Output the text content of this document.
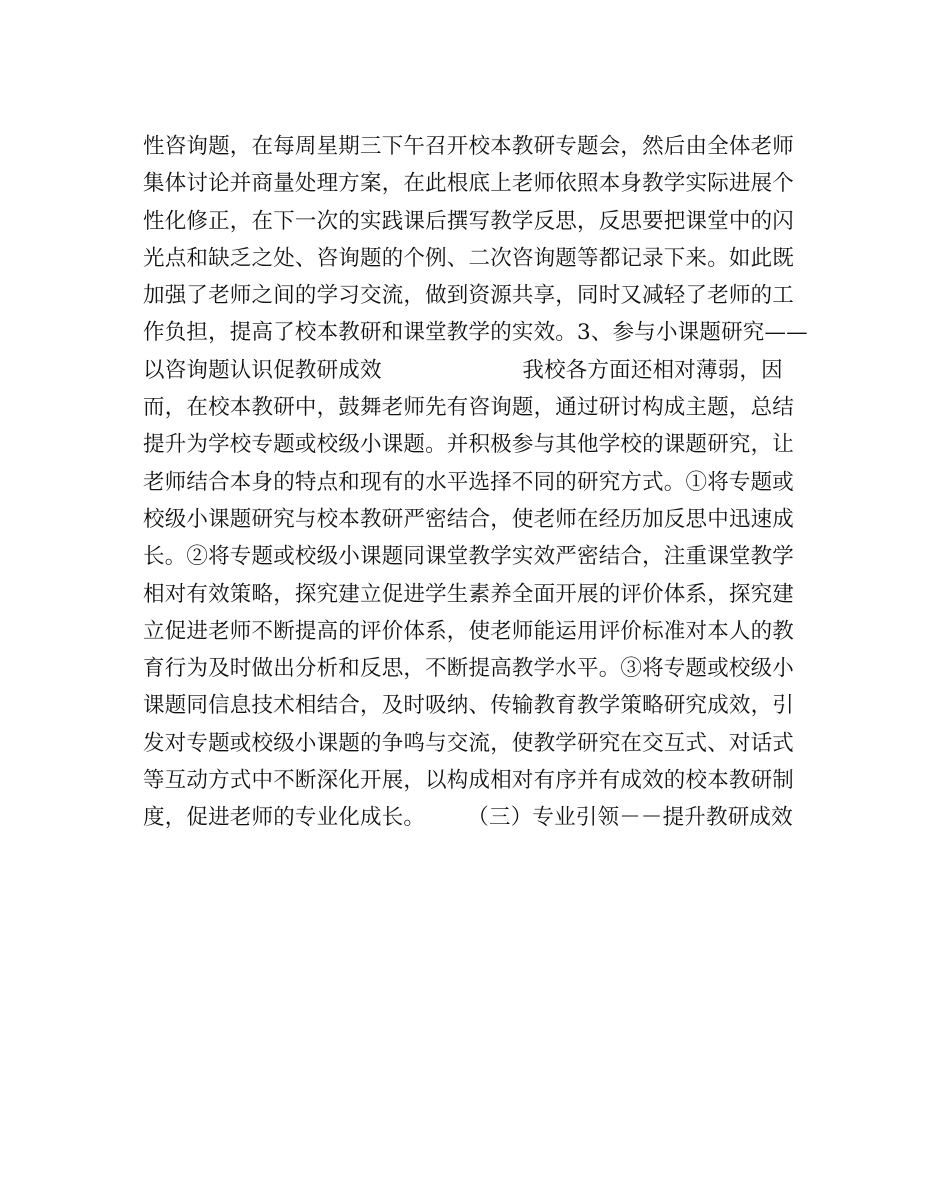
性咨询题，在每周星期三下午召开校本教研专题会，然后由全体老师
集体讨论并商量处理方案，在此根底上老师依照本身教学实际进展个
性化修正，在下一次的实践课后撰写教学反思，反思要把课堂中的闪
光点和缺乏之处、咨询题的个例、二次咨询题等都记录下来。如此既
加强了老师之间的学习交流，做到资源共享，同时又减轻了老师的工
作负担，提高了校本教研和课堂教学的实效。3、参与小课题研究——
以咨询题认识促教研成效                    我校各方面还相对薄弱，因
而，在校本教研中，鼓舞老师先有咨询题，通过研讨构成主题，总结
提升为学校专题或校级小课题。并积极参与其他学校的课题研究，让
老师结合本身的特点和现有的水平选择不同的研究方式。①将专题或
校级小课题研究与校本教研严密结合，使老师在经历加反思中迅速成
长。②将专题或校级小课题同课堂教学实效严密结合，注重课堂教学
相对有效策略，探究建立促进学生素养全面开展的评价体系，探究建
立促进老师不断提高的评价体系，使老师能运用评价标准对本人的教
育行为及时做出分析和反思，不断提高教学水平。③将专题或校级小
课题同信息技术相结合，及时吸纳、传输教育教学策略研究成效，引
发对专题或校级小课题的争鸣与交流，使教学研究在交互式、对话式
等互动方式中不断深化开展，以构成相对有序并有成效的校本教研制
度，促进老师的专业化成长。      （三）专业引领－－提升教研成效
